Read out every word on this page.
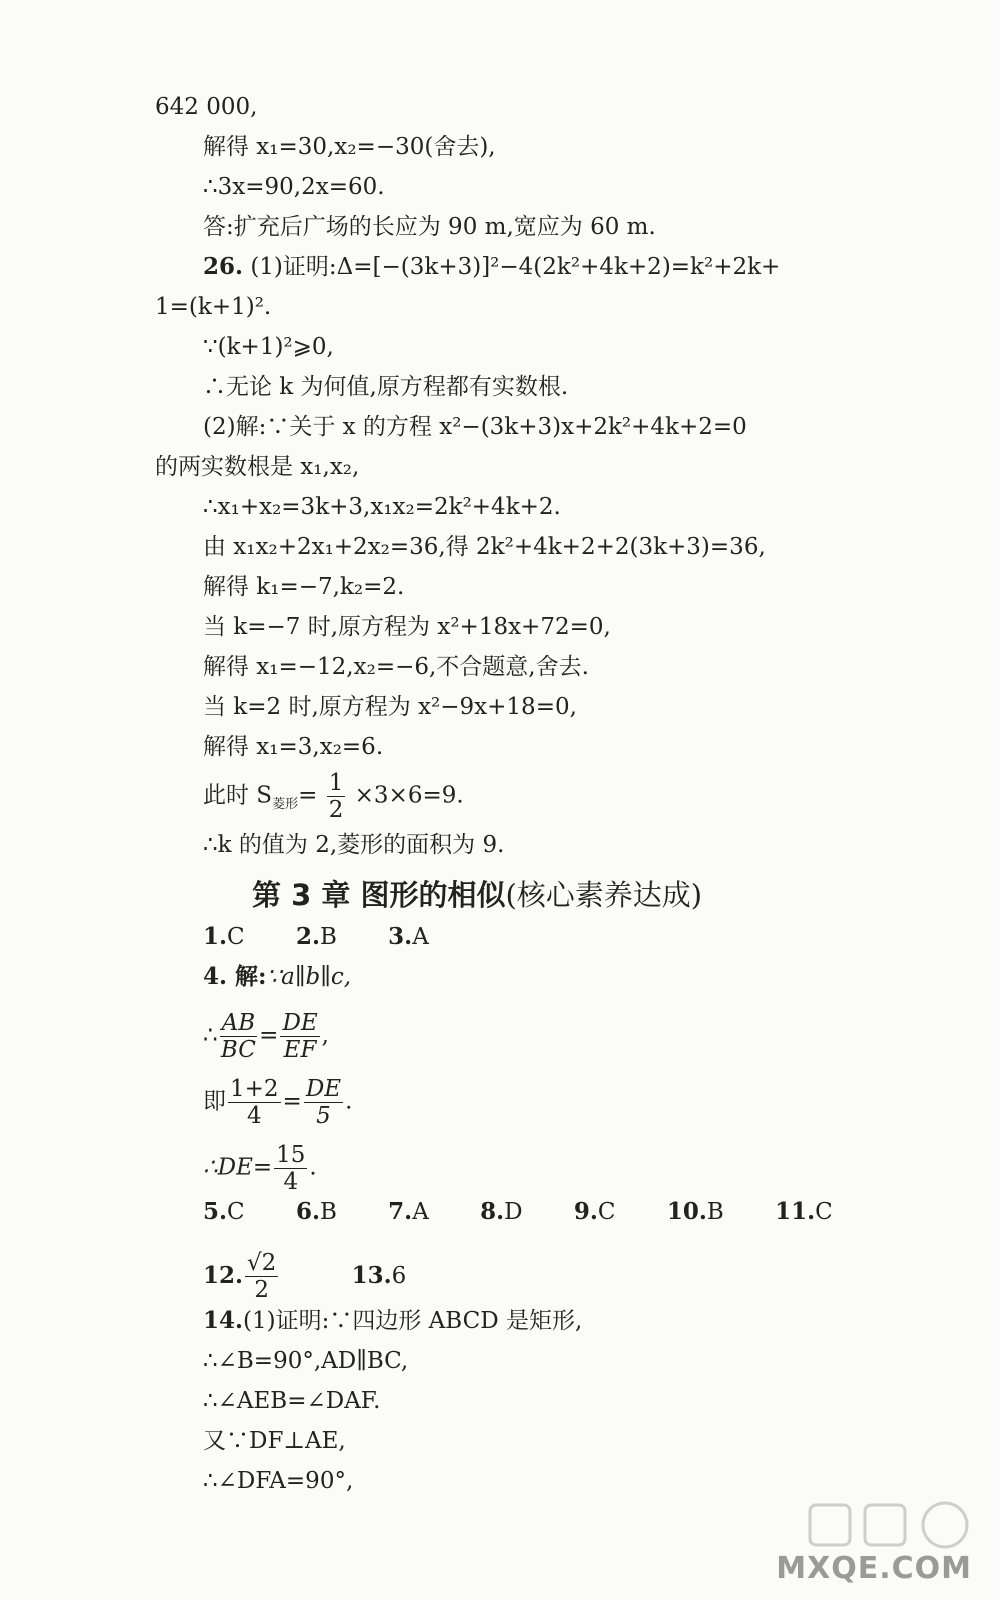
642 000,
解得 x₁=30,x₂=−30(舍去),
∴3x=90,2x=60.
答:扩充后广场的长应为 90 m,宽应为 60 m.
26. (1)证明:Δ=[−(3k+3)]²−4(2k²+4k+2)=k²+2k+
1=(k+1)².
∵(k+1)²⩾0,
∴无论 k 为何值,原方程都有实数根.
(2)解:∵关于 x 的方程 x²−(3k+3)x+2k²+4k+2=0
的两实数根是 x₁,x₂,
∴x₁+x₂=3k+3,x₁x₂=2k²+4k+2.
由 x₁x₂+2x₁+2x₂=36,得 2k²+4k+2+2(3k+3)=36,
解得 k₁=−7,k₂=2.
当 k=−7 时,原方程为 x²+18x+72=0,
解得 x₁=−12,x₂=−6,不合题意,舍去.
当 k=2 时,原方程为 x²−9x+18=0,
解得 x₁=3,x₂=6.
此时 $S_{菱形}= \frac{1}{2} \times 3\times 6=9$.
∴k 的值为 2,菱形的面积为 9.
第 3 章 图形的相似(核心素养达成)
1.C 2.B 3.A
4. 解:∵a∥b∥c,
∴ $\frac{AB}{BC} = \frac{DE}{EF}$ ,
即 $\frac{1+2}{4} = \frac{DE}{5}$ .
∴DE= $\frac{15}{4}$ .
5.C 6.B 7.A 8.D 9.C 10.B 11.C
12. $\frac{√2}{2} 13.6$
14.(1)证明:∵四边形 ABCD 是矩形,
∴∠B=90°,AD∥BC,
∴∠AEB=∠DAF.
又∵DF⊥AE,
∴∠DFA=90°,
MXQE.COM
